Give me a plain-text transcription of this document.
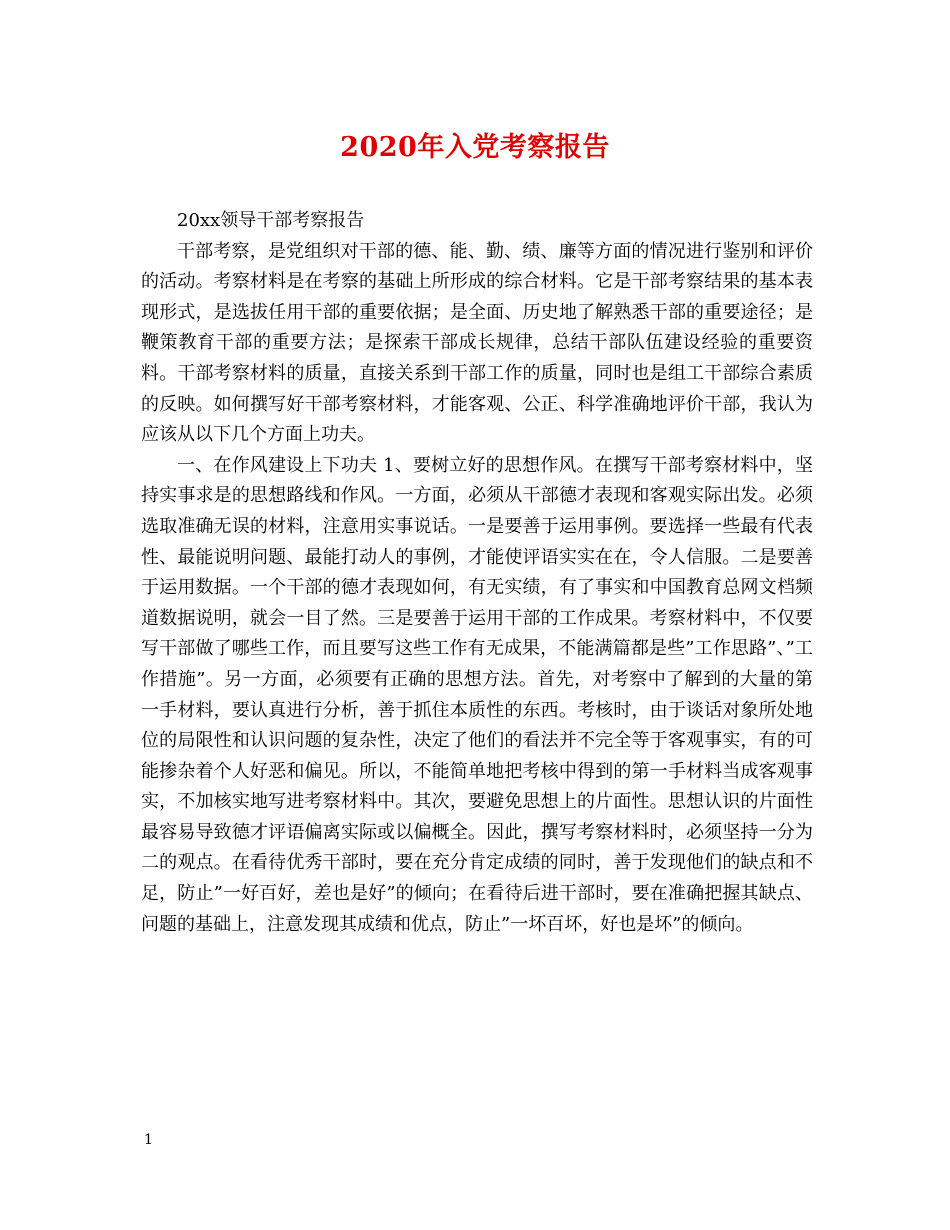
2020年入党考察报告

20xx领导干部考察报告

干部考察，是党组织对干部的德、能、勤、绩、廉等方面的情况进行鉴别和评价的活动。考察材料是在考察的基础上所形成的综合材料。它是干部考察结果的基本表现形式，是选拔任用干部的重要依据；是全面、历史地了解熟悉干部的重要途径；是鞭策教育干部的重要方法；是探索干部成长规律，总结干部队伍建设经验的重要资料。干部考察材料的质量，直接关系到干部工作的质量，同时也是组工干部综合素质的反映。如何撰写好干部考察材料，才能客观、公正、科学准确地评价干部，我认为应该从以下几个方面上功夫。

一、在作风建设上下功夫 1、要树立好的思想作风。在撰写干部考察材料中，坚持实事求是的思想路线和作风。一方面，必须从干部德才表现和客观实际出发。必须选取准确无误的材料，注意用实事说话。一是要善于运用事例。要选择一些最有代表性、最能说明问题、最能打动人的事例，才能使评语实实在在，令人信服。二是要善于运用数据。一个干部的德才表现如何，有无实绩，有了事实和中国教育总网文档频道数据说明，就会一目了然。三是要善于运用干部的工作成果。考察材料中，不仅要写干部做了哪些工作，而且要写这些工作有无成果，不能满篇都是些”工作思路”、”工作措施”。另一方面，必须要有正确的思想方法。首先，对考察中了解到的大量的第一手材料，要认真进行分析，善于抓住本质性的东西。考核时，由于谈话对象所处地位的局限性和认识问题的复杂性，决定了他们的看法并不完全等于客观事实，有的可能掺杂着个人好恶和偏见。所以，不能简单地把考核中得到的第一手材料当成客观事实，不加核实地写进考察材料中。其次，要避免思想上的片面性。思想认识的片面性最容易导致德才评语偏离实际或以偏概全。因此，撰写考察材料时，必须坚持一分为二的观点。在看待优秀干部时，要在充分肯定成绩的同时，善于发现他们的缺点和不足，防止”一好百好，差也是好”的倾向；在看待后进干部时，要在准确把握其缺点、问题的基础上，注意发现其成绩和优点，防止”一坏百坏，好也是坏”的倾向。

1
